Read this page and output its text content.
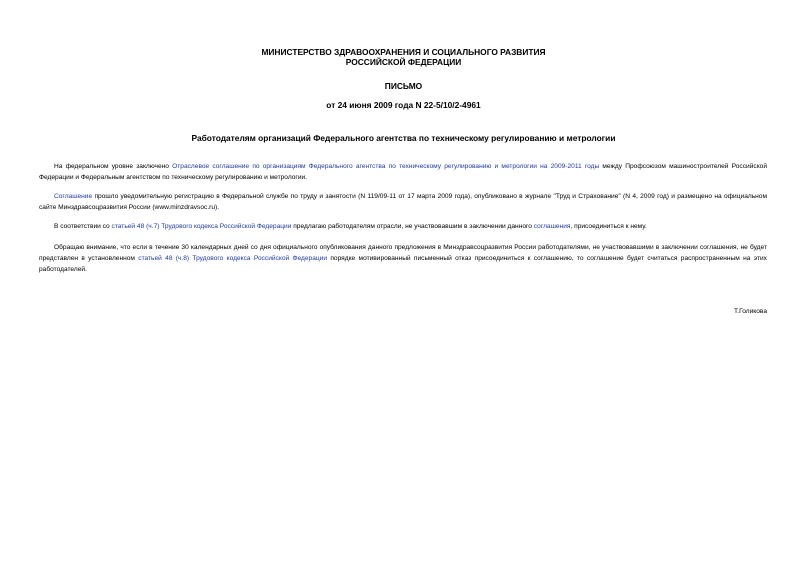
МИНИСТЕРСТВО ЗДРАВООХРАНЕНИЯ И СОЦИАЛЬНОГО РАЗВИТИЯ
РОССИЙСКОЙ ФЕДЕРАЦИИ
ПИСЬМО
от 24 июня 2009 года N 22-5/10/2-4961
Работодателям организаций Федерального агентства по техническому регулированию и метрологии

На федеральном уровне заключено Отраслевое соглашение по организациям Федерального агентства по техническому регулированию и метрологии на 2009-2011 годы между Профсоюзом машиностроителей Российской Федерации и Федеральным агентством по техническому регулированию и метрологии.

Соглашение прошло уведомительную регистрацию в Федеральной службе по труду и занятости (N 119/09-11 от 17 марта 2009 года), опубликовано в журнале "Труд и Страхование" (N 4, 2009 год) и размещено на официальном сайте Минздравсоцразвития России (www.minzdravsoc.ru).

В соответствии со статьей 48 (ч.7) Трудового кодекса Российской Федерации предлагаю работодателям отрасли, не участвовавшим в заключении данного соглашения, присоединиться к нему.

Обращаю внимание, что если в течение 30 календарных дней со дня официального опубликования данного предложения в Минздравсоцразвития России работодателями, не участвовавшими в заключении соглашения, не будет представлен в установленном статьей 48 (ч.8) Трудового кодекса Российской Федерации порядке мотивированный письменный отказ присоединиться к соглашению, то соглашение будет считаться распространенным на этих работодателей.

Т.Голикова
